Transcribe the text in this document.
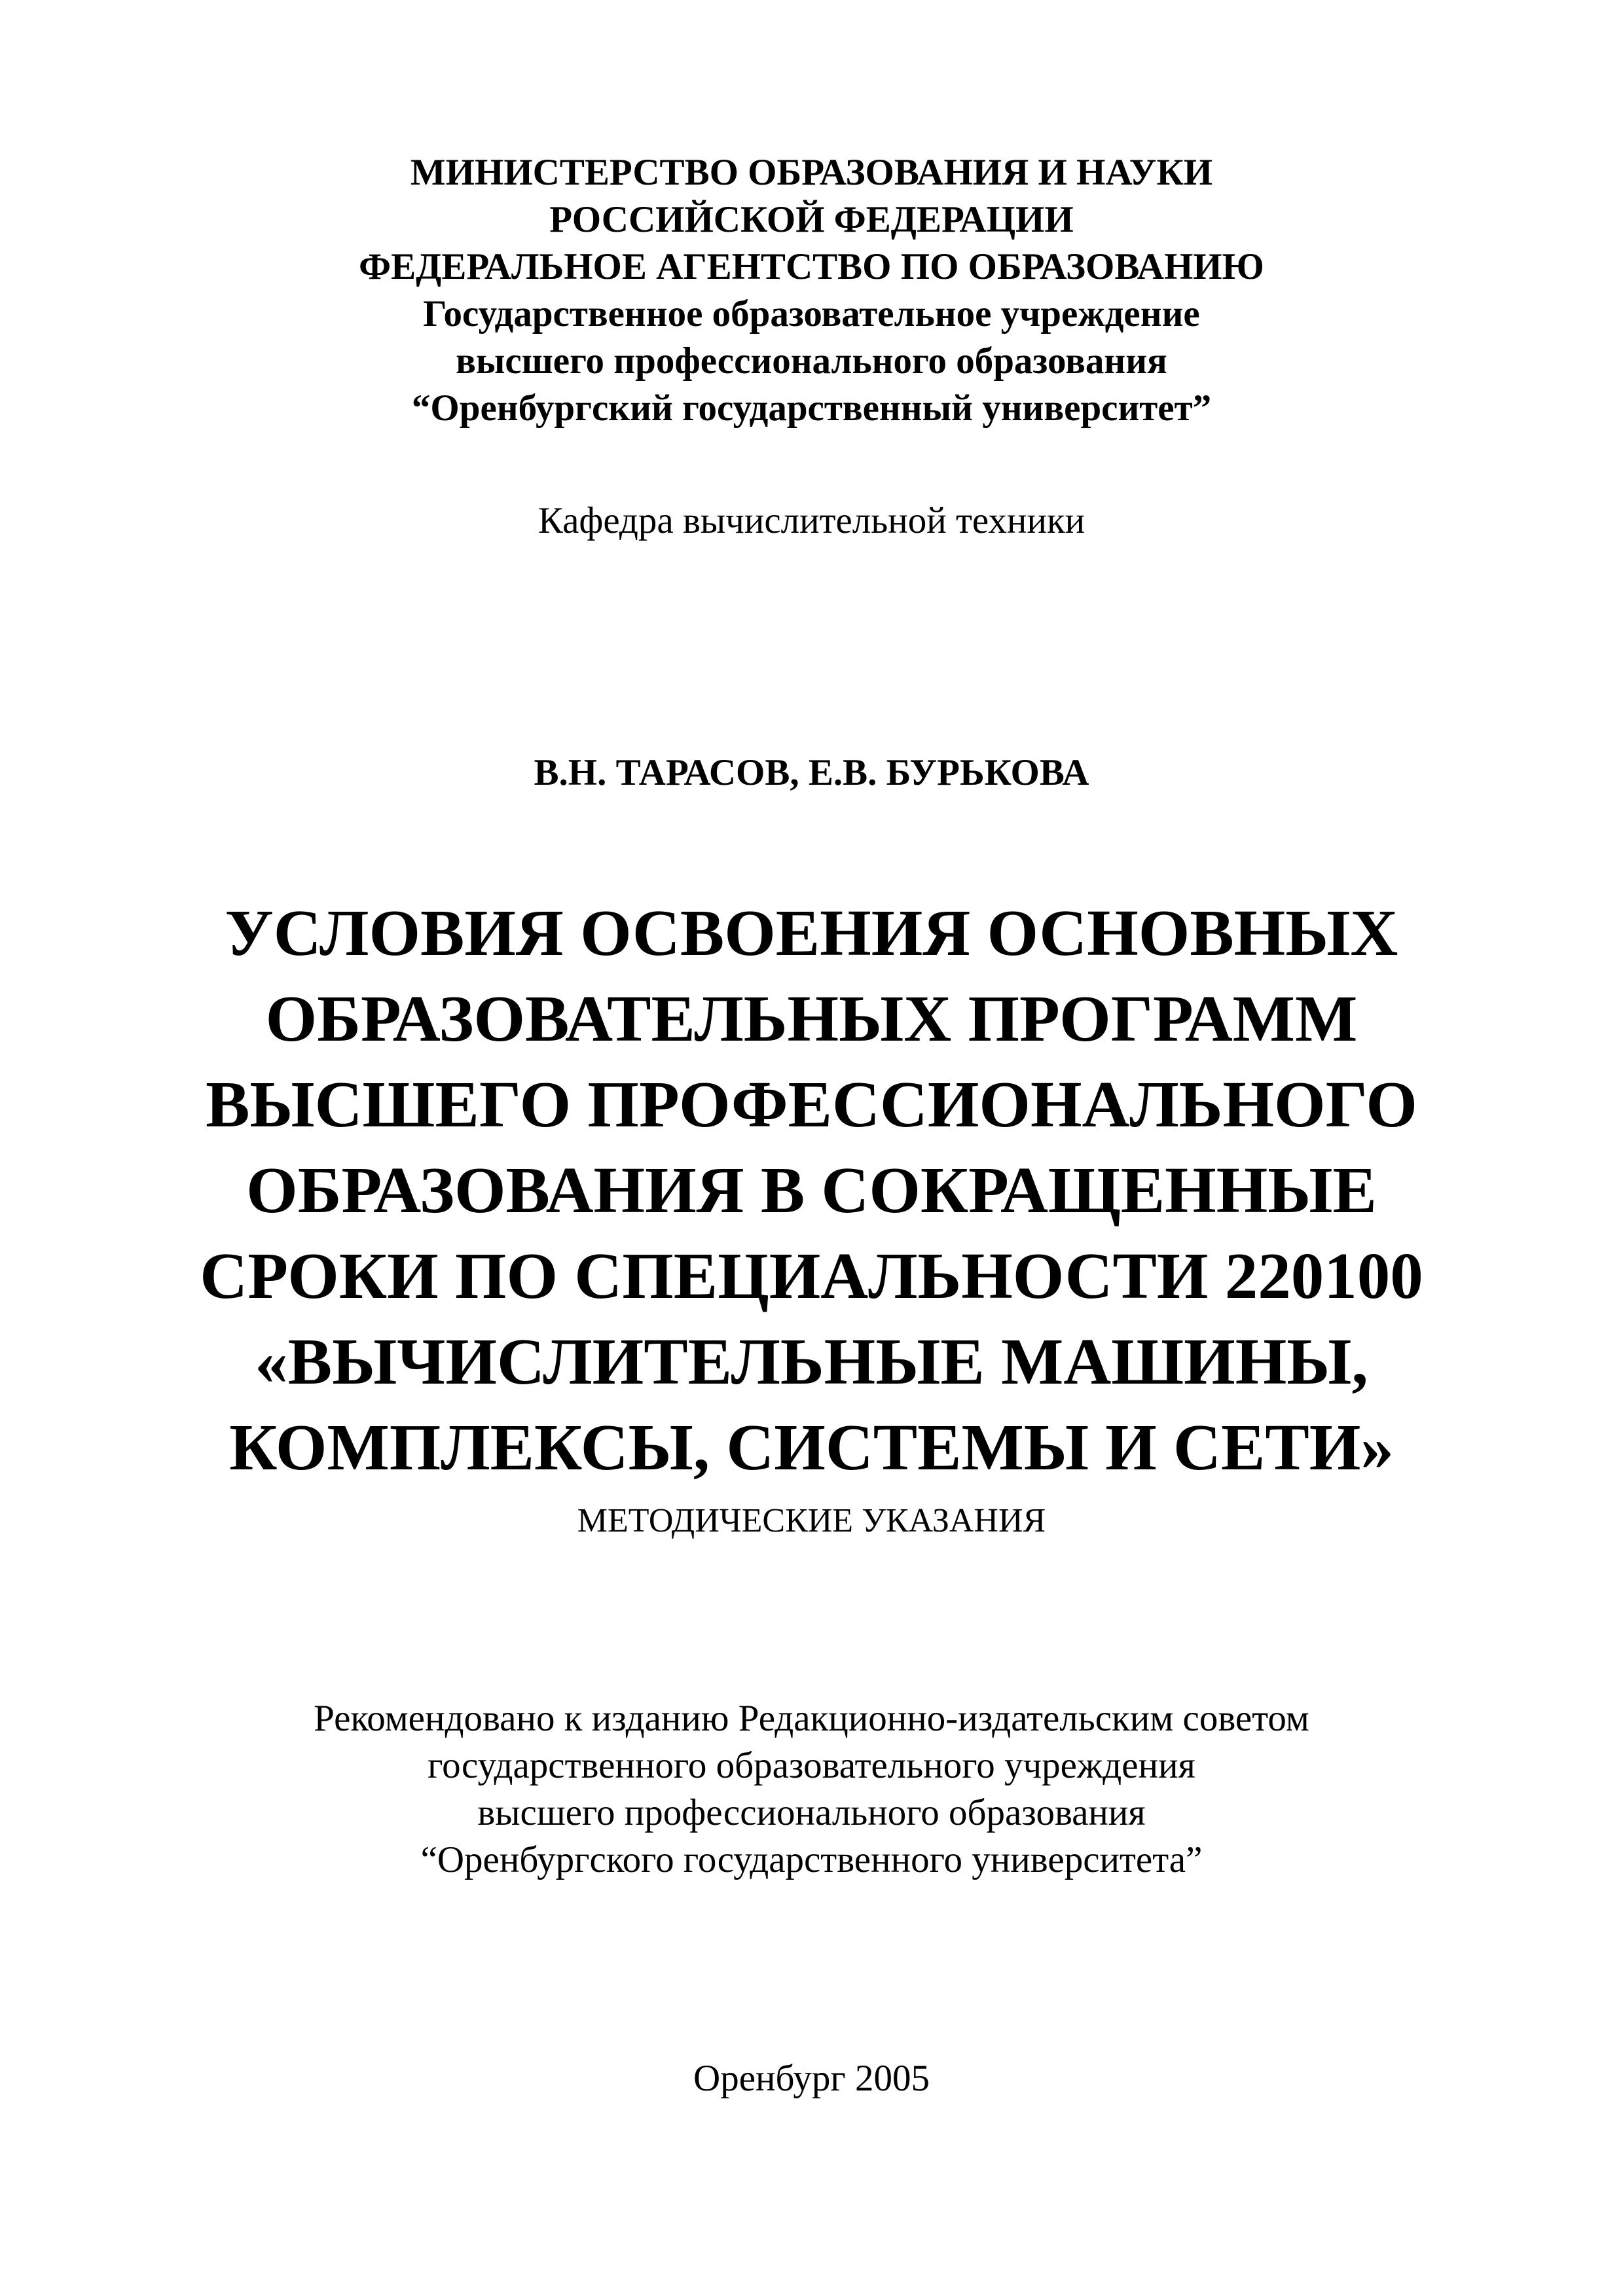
МИНИСТЕРСТВО ОБРАЗОВАНИЯ И НАУКИ
РОССИЙСКОЙ ФЕДЕРАЦИИ
ФЕДЕРАЛЬНОЕ АГЕНТСТВО ПО ОБРАЗОВАНИЮ
Государственное образовательное учреждение
высшего профессионального образования
“Оренбургский государственный университет”
Кафедра вычислительной техники
В.Н. ТАРАСОВ, Е.В. БУРЬКОВА
УСЛОВИЯ ОСВОЕНИЯ ОСНОВНЫХ
ОБРАЗОВАТЕЛЬНЫХ ПРОГРАММ
ВЫСШЕГО ПРОФЕССИОНАЛЬНОГО
ОБРАЗОВАНИЯ В СОКРАЩЕННЫЕ
СРОКИ ПО СПЕЦИАЛЬНОСТИ 220100
«ВЫЧИСЛИТЕЛЬНЫЕ МАШИНЫ,
КОМПЛЕКСЫ, СИСТЕМЫ И СЕТИ»
МЕТОДИЧЕСКИЕ УКАЗАНИЯ
Рекомендовано к изданию Редакционно-издательским советом
государственного образовательного учреждения
высшего профессионального образования
“Оренбургского государственного университета”
Оренбург 2005
